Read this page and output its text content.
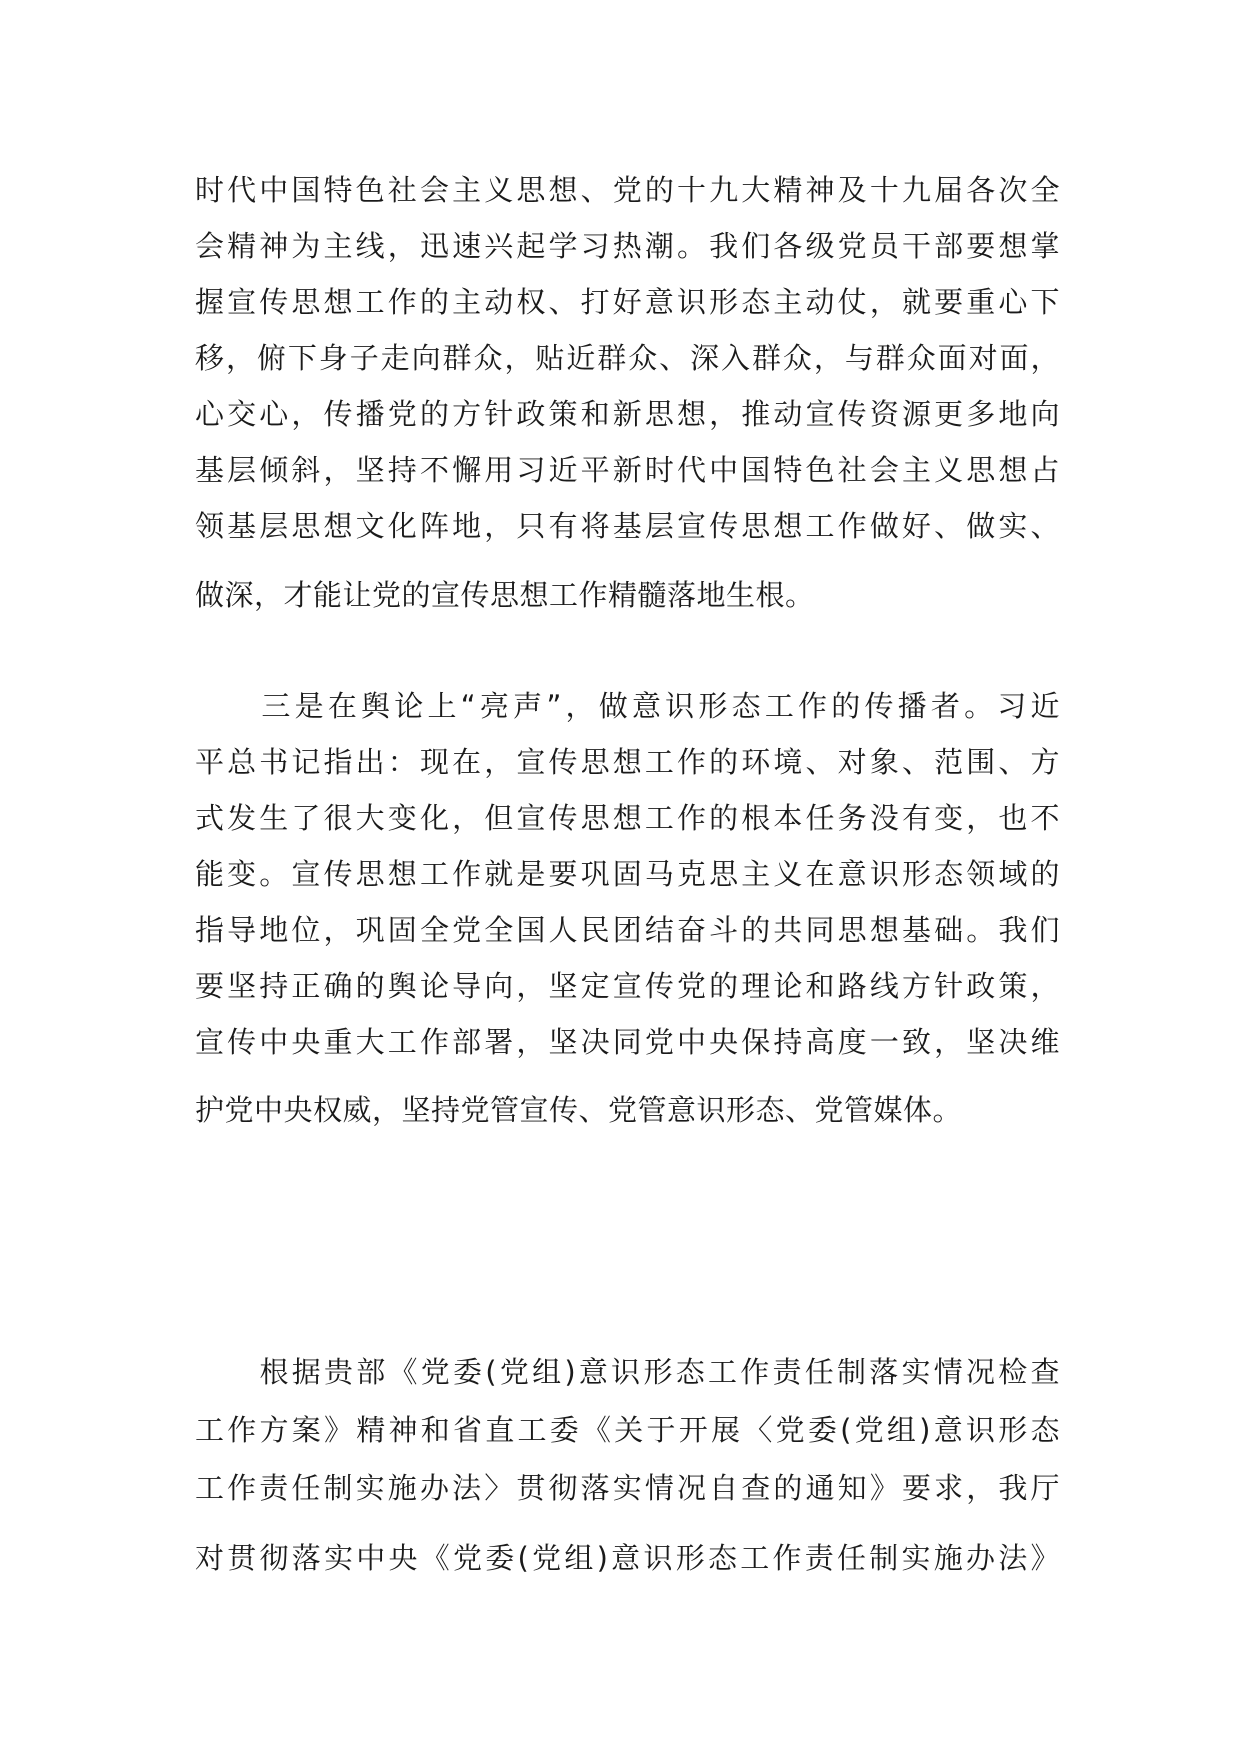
时代中国特色社会主义思想、党的十九大精神及十九届各次全
会精神为主线，迅速兴起学习热潮。我们各级党员干部要想掌
握宣传思想工作的主动权、打好意识形态主动仗，就要重心下
移，俯下身子走向群众，贴近群众、深入群众，与群众面对面，
心交心，传播党的方针政策和新思想，推动宣传资源更多地向
基层倾斜，坚持不懈用习近平新时代中国特色社会主义思想占
领基层思想文化阵地，只有将基层宣传思想工作做好、做实、
做深，才能让党的宣传思想工作精髓落地生根。
　　三是在舆论上“亮声”，做意识形态工作的传播者。习近
平总书记指出：现在，宣传思想工作的环境、对象、范围、方
式发生了很大变化，但宣传思想工作的根本任务没有变，也不
能变。宣传思想工作就是要巩固马克思主义在意识形态领域的
指导地位，巩固全党全国人民团结奋斗的共同思想基础。我们
要坚持正确的舆论导向，坚定宣传党的理论和路线方针政策，
宣传中央重大工作部署，坚决同党中央保持高度一致，坚决维
护党中央权威，坚持党管宣传、党管意识形态、党管媒体。
　　根据贵部《党委(党组)意识形态工作责任制落实情况检查
工作方案》精神和省直工委《关于开展〈党委(党组)意识形态
工作责任制实施办法〉贯彻落实情况自查的通知》要求，我厅
对贯彻落实中央《党委(党组)意识形态工作责任制实施办法》
